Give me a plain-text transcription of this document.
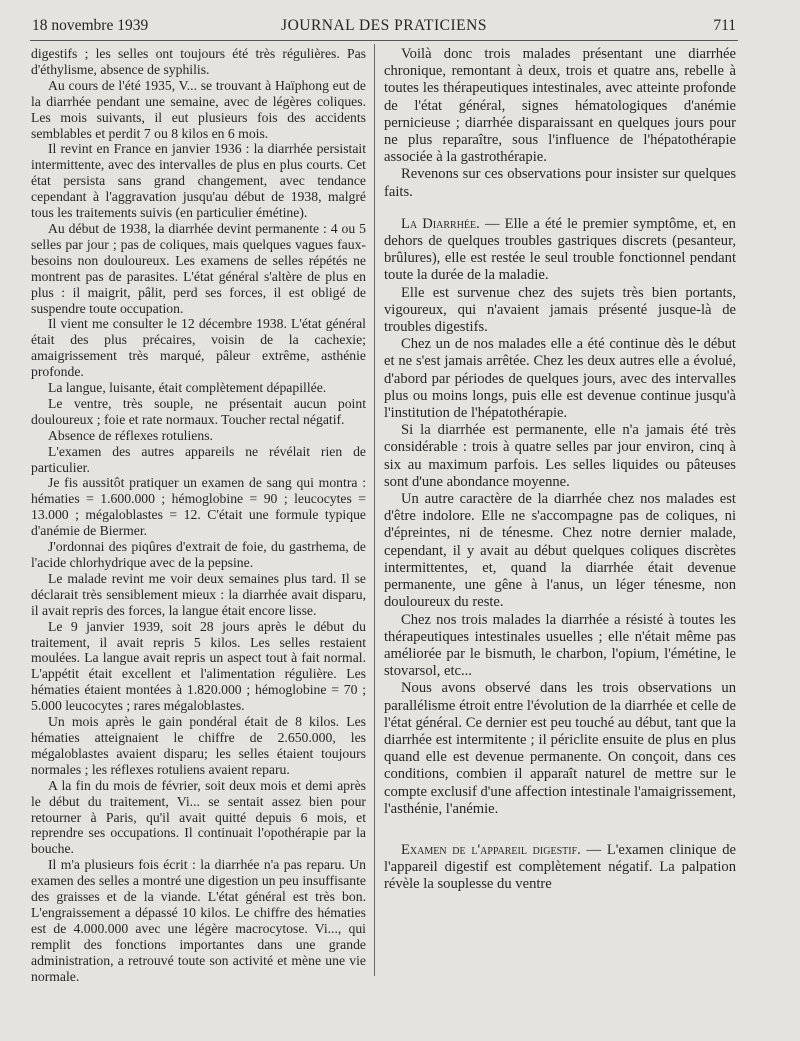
18 novembre 1939	JOURNAL DES PRATICIENS	711

digestifs ; les selles ont toujours été très régulières. Pas d'éthylisme, absence de syphilis.

Au cours de l'été 1935, V... se trouvant à Haïphong eut de la diarrhée pendant une semaine, avec de légères coliques. Les mois suivants, il eut plusieurs fois des accidents semblables et perdit 7 ou 8 kilos en 6 mois.

Il revint en France en janvier 1936 : la diarrhée persistait intermittente, avec des intervalles de plus en plus courts. Cet état persista sans grand changement, avec tendance cependant à l'aggravation jusqu'au début de 1938, malgré tous les traitements suivis (en particulier émétine).

Au début de 1938, la diarrhée devint permanente : 4 ou 5 selles par jour ; pas de coliques, mais quelques vagues faux-besoins non douloureux. Les examens de selles répétés ne montrent pas de parasites. L'état général s'altère de plus en plus : il maigrit, pâlit, perd ses forces, il est obligé de suspendre toute occupation.

Il vient me consulter le 12 décembre 1938. L'état général était des plus précaires, voisin de la cachexie; amaigrissement très marqué, pâleur extrême, asthénie profonde.

La langue, luisante, était complètement dépapillée.

Le ventre, très souple, ne présentait aucun point douloureux ; foie et rate normaux. Toucher rectal négatif.

Absence de réflexes rotuliens.

L'examen des autres appareils ne révélait rien de particulier.

Je fis aussitôt pratiquer un examen de sang qui montra : hématies = 1.600.000 ; hémoglobine = 90 ; leucocytes = 13.000 ; mégaloblastes = 12. C'était une formule typique d'anémie de Biermer.

J'ordonnai des piqûres d'extrait de foie, du gastrhema, de l'acide chlorhydrique avec de la pepsine.

Le malade revint me voir deux semaines plus tard. Il se déclarait très sensiblement mieux : la diarrhée avait disparu, il avait repris des forces, la langue était encore lisse.

Le 9 janvier 1939, soit 28 jours après le début du traitement, il avait repris 5 kilos. Les selles restaient moulées. La langue avait repris un aspect tout à fait normal. L'appétit était excellent et l'alimentation régulière. Les hématies étaient montées à 1.820.000 ; hémoglobine = 70 ; 5.000 leucocytes ; rares mégaloblastes.

Un mois après le gain pondéral était de 8 kilos. Les hématies atteignaient le chiffre de 2.650.000, les mégaloblastes avaient disparu; les selles étaient toujours normales ; les réflexes rotuliens avaient reparu.

A la fin du mois de février, soit deux mois et demi après le début du traitement, Vi... se sentait assez bien pour retourner à Paris, qu'il avait quitté depuis 6 mois, et reprendre ses occupations. Il continuait l'opothérapie par la bouche.

Il m'a plusieurs fois écrit : la diarrhée n'a pas reparu. Un examen des selles a montré une digestion un peu insuffisante des graisses et de la viande. L'état général est très bon. L'engraissement a dépassé 10 kilos. Le chiffre des hématies est de 4.000.000 avec une légère macrocytose. Vi..., qui remplit des fonctions importantes dans une grande administration, a retrouvé toute son activité et mène une vie normale.

Voilà donc trois malades présentant une diarrhée chronique, remontant à deux, trois et quatre ans, rebelle à toutes les thérapeutiques intestinales, avec atteinte profonde de l'état général, signes hématologiques d'anémie pernicieuse ; diarrhée disparaissant en quelques jours pour ne plus reparaître, sous l'influence de l'hépatothérapie associée à la gastrothérapie.

Revenons sur ces observations pour insister sur quelques faits.

La Diarrhée. — Elle a été le premier symptôme, et, en dehors de quelques troubles gastriques discrets (pesanteur, brûlures), elle est restée le seul trouble fonctionnel pendant toute la durée de la maladie.

Elle est survenue chez des sujets très bien portants, vigoureux, qui n'avaient jamais présenté jusque-là de troubles digestifs.

Chez un de nos malades elle a été continue dès le début et ne s'est jamais arrêtée. Chez les deux autres elle a évolué, d'abord par périodes de quelques jours, avec des intervalles plus ou moins longs, puis elle est devenue continue jusqu'à l'institution de l'hépatothérapie.

Si la diarrhée est permanente, elle n'a jamais été très considérable : trois à quatre selles par jour environ, cinq à six au maximum parfois. Les selles liquides ou pâteuses sont d'une abondance moyenne.

Un autre caractère de la diarrhée chez nos malades est d'être indolore. Elle ne s'accompagne pas de coliques, ni d'épreintes, ni de ténesme. Chez notre dernier malade, cependant, il y avait au début quelques coliques discrètes intermittentes, et, quand la diarrhée était devenue permanente, une gêne à l'anus, un léger ténesme, non douloureux du reste.

Chez nos trois malades la diarrhée a résisté à toutes les thérapeutiques intestinales usuelles ; elle n'était même pas améliorée par le bismuth, le charbon, l'opium, l'émétine, le stovarsol, etc...

Nous avons observé dans les trois observations un parallélisme étroit entre l'évolution de la diarrhée et celle de l'état général. Ce dernier est peu touché au début, tant que la diarrhée est intermitente ; il périclite ensuite de plus en plus quand elle est devenue permanente. On conçoit, dans ces conditions, combien il apparaît naturel de mettre sur le compte exclusif d'une affection intestinale l'amaigrissement, l'asthénie, l'anémie.

Examen de l'appareil digestif. — L'examen clinique de l'appareil digestif est complètement négatif. La palpation révèle la souplesse du ventre
